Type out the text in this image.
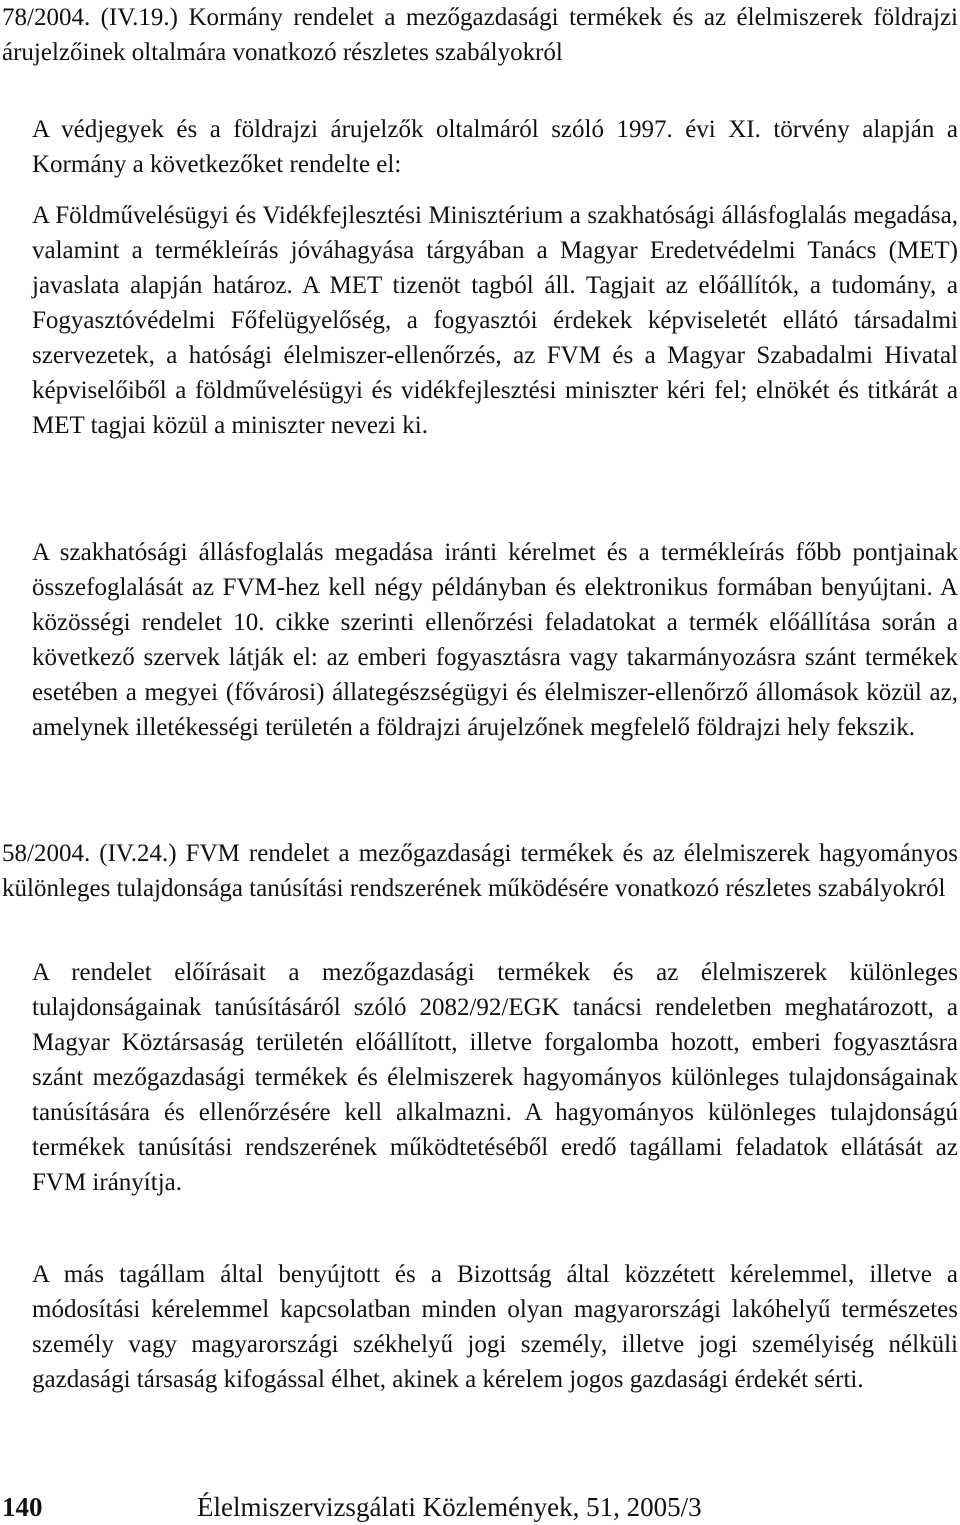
78/2004. (IV.19.) Kormány rendelet a mezőgazdasági termékek és az élelmiszerek földrajzi árujelzőinek oltalmára vonatkozó részletes szabályokról

A védjegyek és a földrajzi árujelzők oltalmáról szóló 1997. évi XI. törvény alapján a Kormány a következőket rendelte el:

A Földművelésügyi és Vidékfejlesztési Minisztérium a szakhatósági állásfoglalás megadása, valamint a termékleírás jóváhagyása tárgyában a Magyar Eredetvédelmi Tanács (MET) javaslata alapján határoz. A MET tizenöt tagból áll. Tagjait az előállítók, a tudomány, a Fogyasztóvédelmi Főfelügyelőség, a fogyasztói érdekek képviseletét ellátó társadalmi szervezetek, a hatósági élelmiszer-ellenőrzés, az FVM és a Magyar Szabadalmi Hivatal képviselőiből a földművelésügyi és vidékfejlesztési miniszter kéri fel; elnökét és titkárát a MET tagjai közül a miniszter nevezi ki.

A szakhatósági állásfoglalás megadása iránti kérelmet és a termékleírás főbb pontjainak összefoglalását az FVM-hez kell négy példányban és elektronikus formában benyújtani. A közösségi rendelet 10. cikke szerinti ellenőrzési feladatokat a termék előállítása során a következő szervek látják el: az emberi fogyasztásra vagy takarmányozásra szánt termékek esetében a megyei (fővárosi) állategészségügyi és élelmiszer-ellenőrző állomások közül az, amelynek illetékességi területén a földrajzi árujelzőnek megfelelő földrajzi hely fekszik.

58/2004. (IV.24.) FVM rendelet a mezőgazdasági termékek és az élelmiszerek hagyományos különleges tulajdonsága tanúsítási rendszerének működésére vonatkozó részletes szabályokról

A rendelet előírásait a mezőgazdasági termékek és az élelmiszerek különleges tulajdonságainak tanúsításáról szóló 2082/92/EGK tanácsi rendeletben meghatározott, a Magyar Köztársaság területén előállított, illetve forgalomba hozott, emberi fogyasztásra szánt mezőgazdasági termékek és élelmiszerek hagyományos különleges tulajdonságainak tanúsítására és ellenőrzésére kell alkalmazni. A hagyományos különleges tulajdonságú termékek tanúsítási rendszerének működtetéséből eredő tagállami feladatok ellátását az FVM irányítja.

A más tagállam által benyújtott és a Bizottság által közzétett kérelemmel, illetve a módosítási kérelemmel kapcsolatban minden olyan magyarországi lakóhelyű természetes személy vagy magyarországi székhelyű jogi személy, illetve jogi személyiség nélküli gazdasági társaság kifogással élhet, akinek a kérelem jogos gazdasági érdekét sérti.

140	Élelmiszervizsgálati Közlemények, 51, 2005/3
